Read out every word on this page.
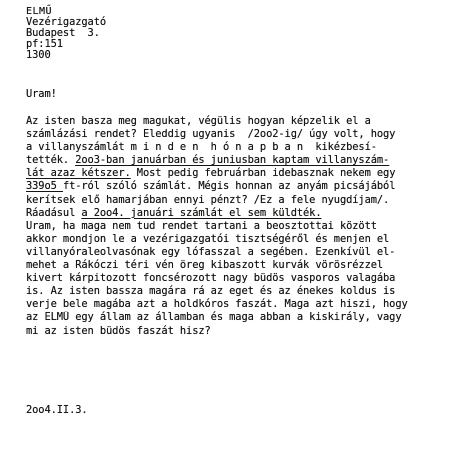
ELMŰ
Vezérigazgató
Budapest  3.
pf:151
1300
Uram!
Az isten basza meg magukat, végülis hogyan képzelik el a
számlázási rendet? Eleddig ugyanis  /2oo2-ig/ úgy volt, hogy
a villanyszámlát m i n d e n  h ó n a p b a n  kikézbesí-
tették. 2oo3-ban januárban és juniusban kaptam villanyszám-
lát azaz kétszer. Most pedig februárban idebasznak nekem egy
339o5 ft-ról szóló számlát. Mégis honnan az anyám picsájából
kerítsek elő hamarjában ennyi pénzt? /Ez a fele nyugdíjam/.
Ráadásul a 2oo4. januári számlát el sem küldték.
Uram, ha maga nem tud rendet tartani a beosztottai között
akkor mondjon le a vezérigazgatói tisztségéről és menjen el
villanyóraleolvasónak egy lófasszal a segében. Ezenkívül el-
mehet a Rákóczi téri vén öreg kibaszott kurvák vörösrézzel
kivert kárpitozott foncsérozott nagy büdös vasporos valagába
is. Az isten basszа magára rá az eget és az énekes koldus is
verje bele magába azt a holdkóros faszát. Maga azt hiszi, hogy
az ELMŰ egy állam az államban és maga abban a kiskirály, vagy
mi az isten büdös faszát hisz?
2oo4.II.3.
